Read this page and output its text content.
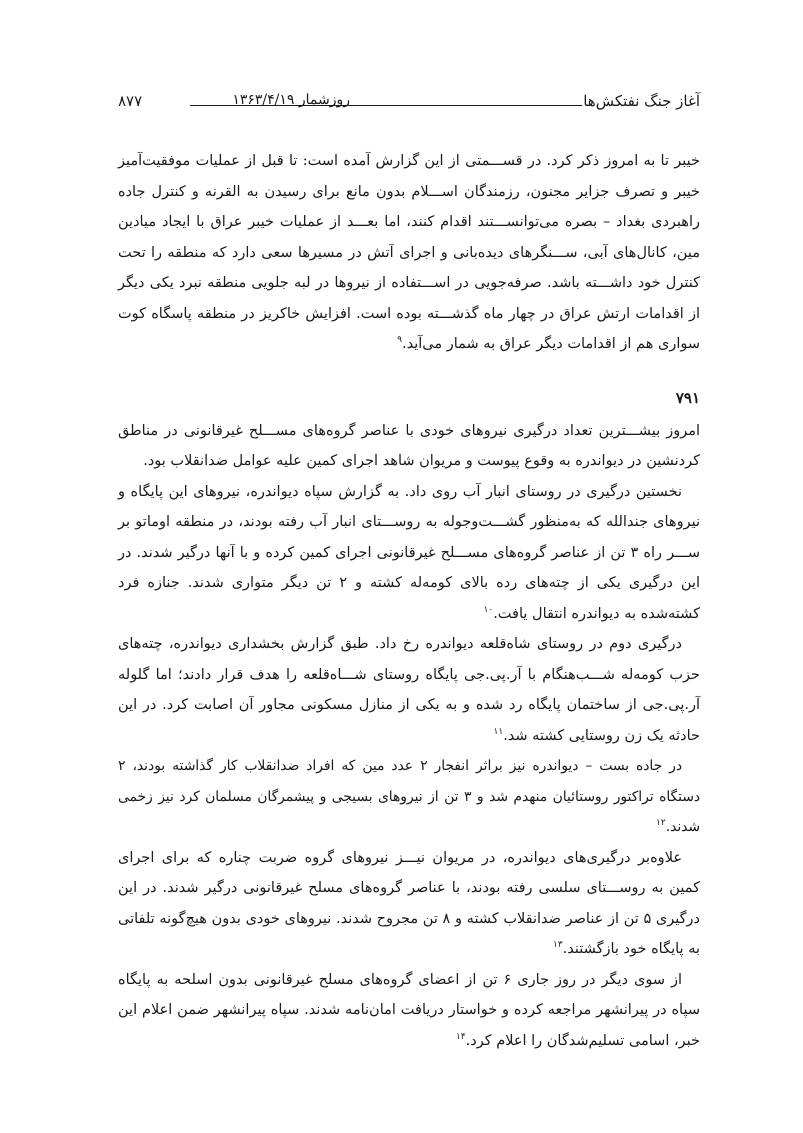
آغاز جنگ نفتکش‌ها
روزشمار ۱۳۶۳/۴/۱۹
۸۷۷

خیبر تا به امروز ذکر کرد. در قســـمتی از این گزارش آمده است: تا قبل از عملیات موفقیت‌آمیز خیبر و تصرف جزایر مجنون، رزمندگان اســـلام بدون مانع برای رسیدن به القرنه و کنترل جاده راهبردی بغداد – بصره می‌توانســـتند اقدام کنند، اما بعـــد از عملیات خیبر عراق با ایجاد میادین مین، کانال‌های آبی، ســـنگرهای دیده‌بانی و اجرای آتش در مسیرها سعی دارد که منطقه را تحت کنترل خود داشـــته باشد. صرفه‌جویی در اســـتفاده از نیروها در لبه جلویی منطقه نبرد یکی دیگر از اقدامات ارتش عراق در چهار ماه گذشـــته بوده است. افزایش خاکریز در منطقه پاسگاه کوت سواری هم از اقدامات دیگر عراق به شمار می‌آید.$^۹$

۷۹۱

امروز بیشـــترین تعداد درگیری نیروهای خودی با عناصر گروه‌های مســـلح غیرقانونی در مناطق کردنشین در دیواندره به وقوع پیوست و مریوان شاهد اجرای کمین علیه عوامل ضدانقلاب بود.

نخستین درگیری در روستای انبار آب روی داد. به گزارش سپاه دیواندره، نیروهای این پایگاه و نیروهای جندالله که به‌منظور گشـــت‌وجوله به روســـتای انبار آب رفته بودند، در منطقه اوماتو بر ســـر راه ۳ تن از عناصر گروه‌های مســـلح غیرقانونی اجرای کمین کرده و با آنها درگیر شدند. در این درگیری یکی از چته‌های رده بالای کومه‌له کشته و ۲ تن دیگر متواری شدند. جنازه فرد کشته‌شده به دیواندره انتقال یافت.$^{۱۰}$

درگیری دوم در روستای شاه‌قلعه دیواندره رخ داد. طبق گزارش بخشداری دیواندره، چته‌های حزب کومه‌له شـــب‌هنگام با آر.پی.جی پایگاه روستای شـــاه‌قلعه را هدف قرار دادند؛ اما گلوله آر.پی.جی از ساختمان پایگاه رد شده و به یکی از منازل مسکونی مجاور آن اصابت کرد. در این حادثه یک زن روستایی کشته شد.$^{۱۱}$

در جاده بست – دیواندره نیز براثر انفجار ۲ عدد مین که افراد ضدانقلاب کار گذاشته بودند، ۲ دستگاه تراکتور روستائیان منهدم شد و ۳ تن از نیروهای بسیجی و پیشمرگان مسلمان کرد نیز زخمی شدند.$^{۱۲}$

علاوه‌بر درگیری‌های دیواندره، در مریوان نیـــز نیروهای گروه ضربت چناره که برای اجرای کمین به روســـتای سلسی رفته بودند، با عناصر گروه‌های مسلح غیرقانونی درگیر شدند. در این درگیری ۵ تن از عناصر ضدانقلاب کشته و ۸ تن مجروح شدند. نیروهای خودی بدون هیچ‌گونه تلفاتی به پایگاه خود بازگشتند.$^{۱۳}$

از سوی دیگر در روز جاری ۶ تن از اعضای گروه‌های مسلح غیرقانونی بدون اسلحه به پایگاه سپاه در پیرانشهر مراجعه کرده و خواستار دریافت امان‌نامه شدند. سپاه پیرانشهر ضمن اعلام این خبر، اسامی تسلیم‌شدگان را اعلام کرد.$^{۱۴}$
